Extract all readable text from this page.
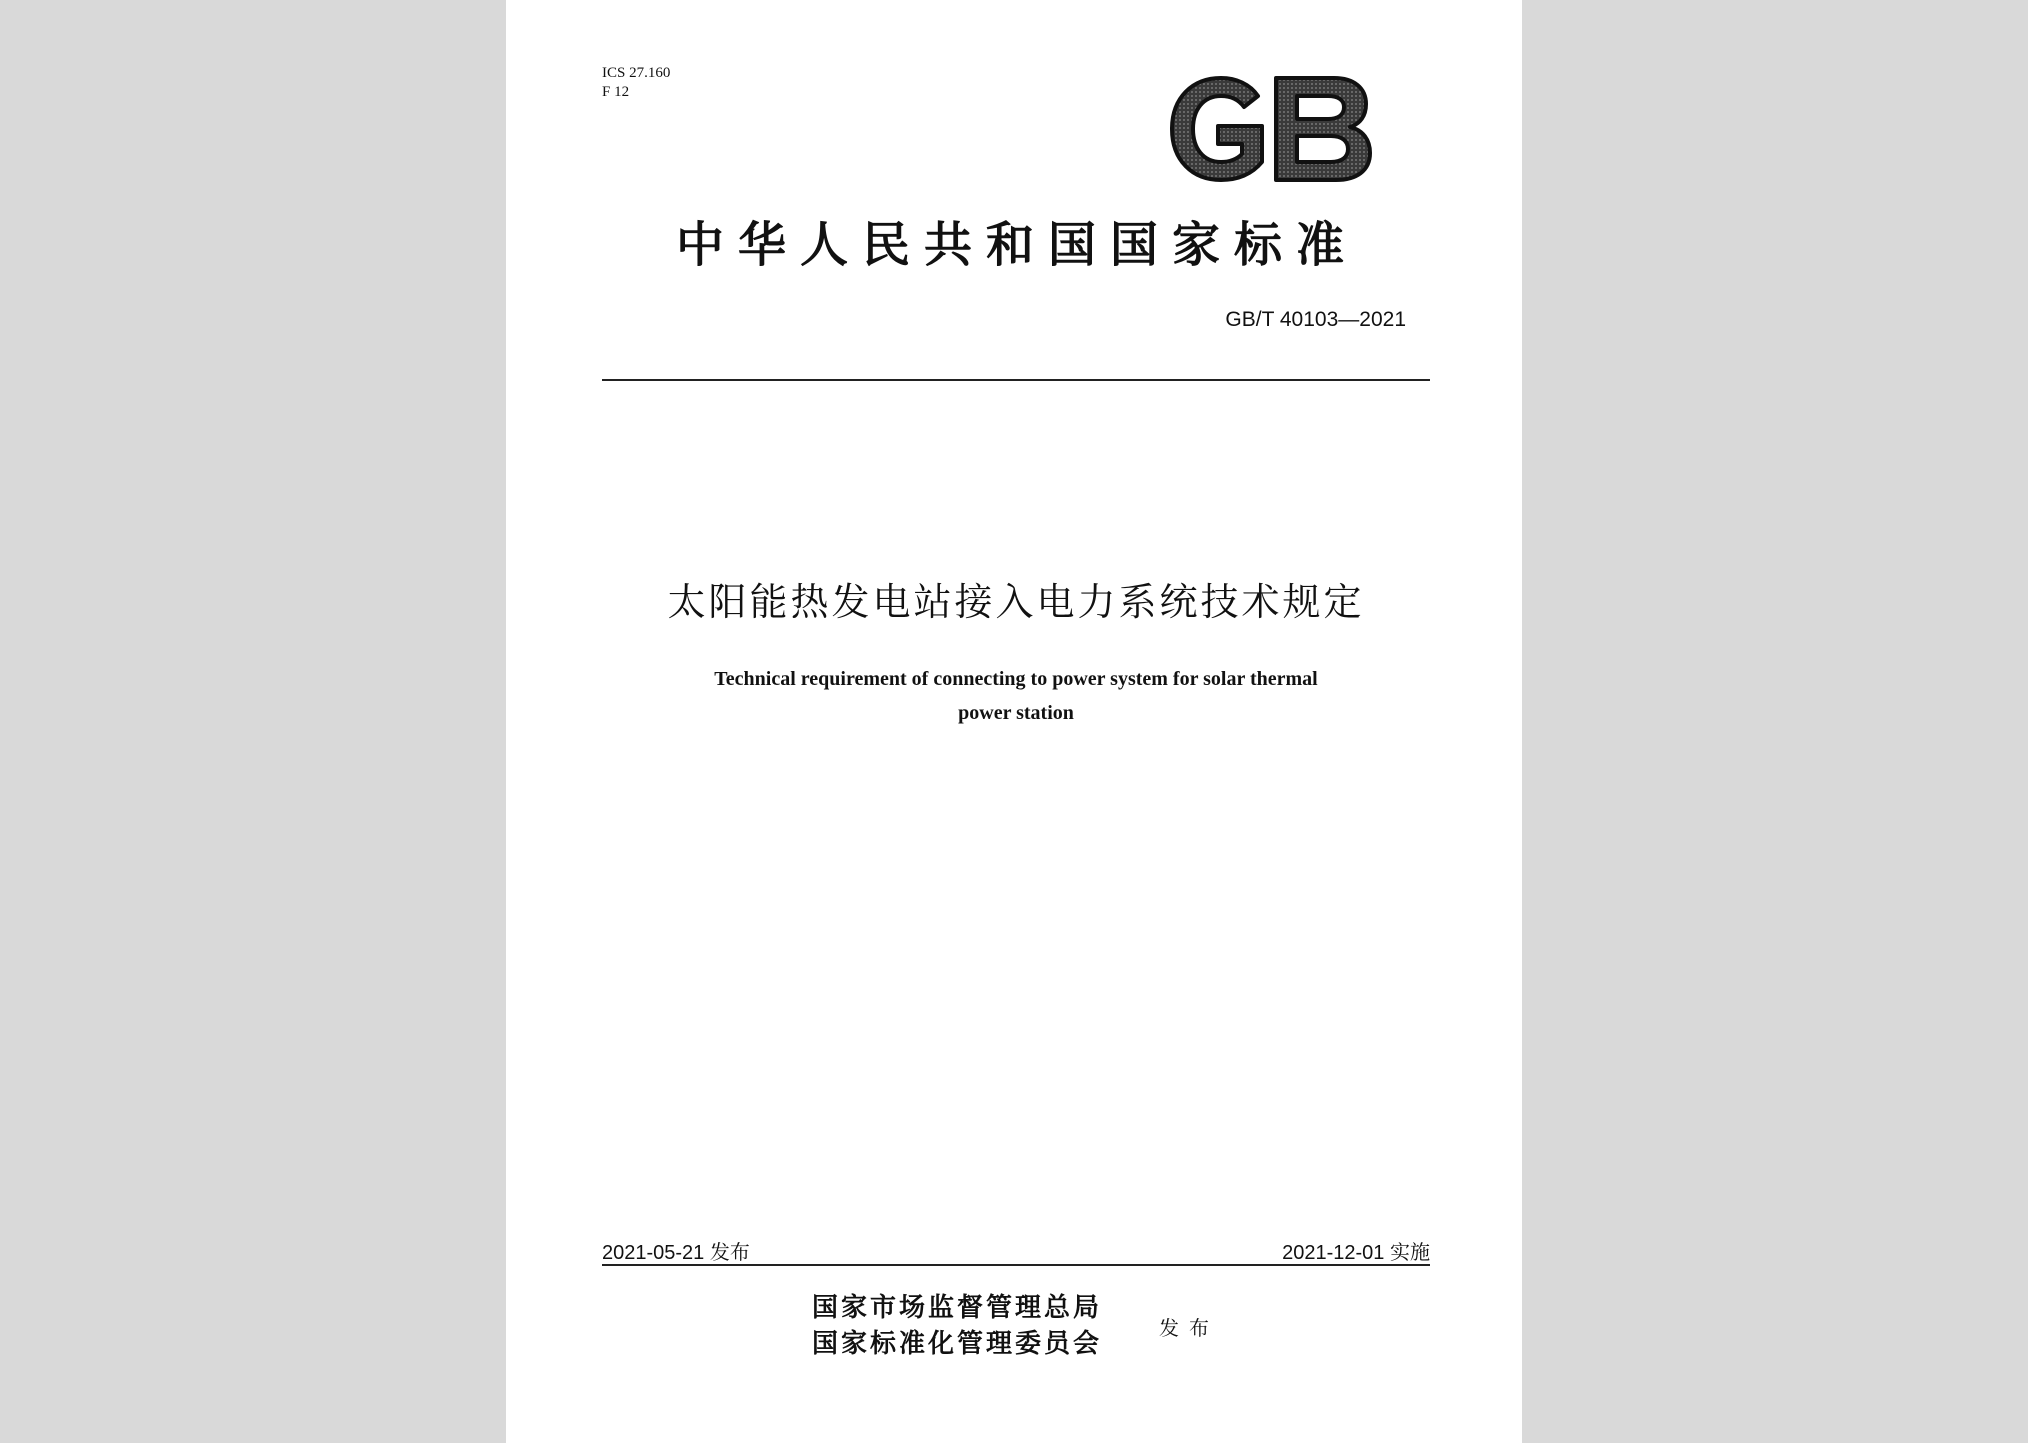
ICS 27.160
F 12
中华人民共和国国家标准
GB/T 40103—2021
太阳能热发电站接入电力系统技术规定
Technical requirement of connecting to power system for solar thermal
power station
2021-05-21 发布	2021-12-01 实施
国家市场监督管理总局
国家标准化管理委员会
发布
